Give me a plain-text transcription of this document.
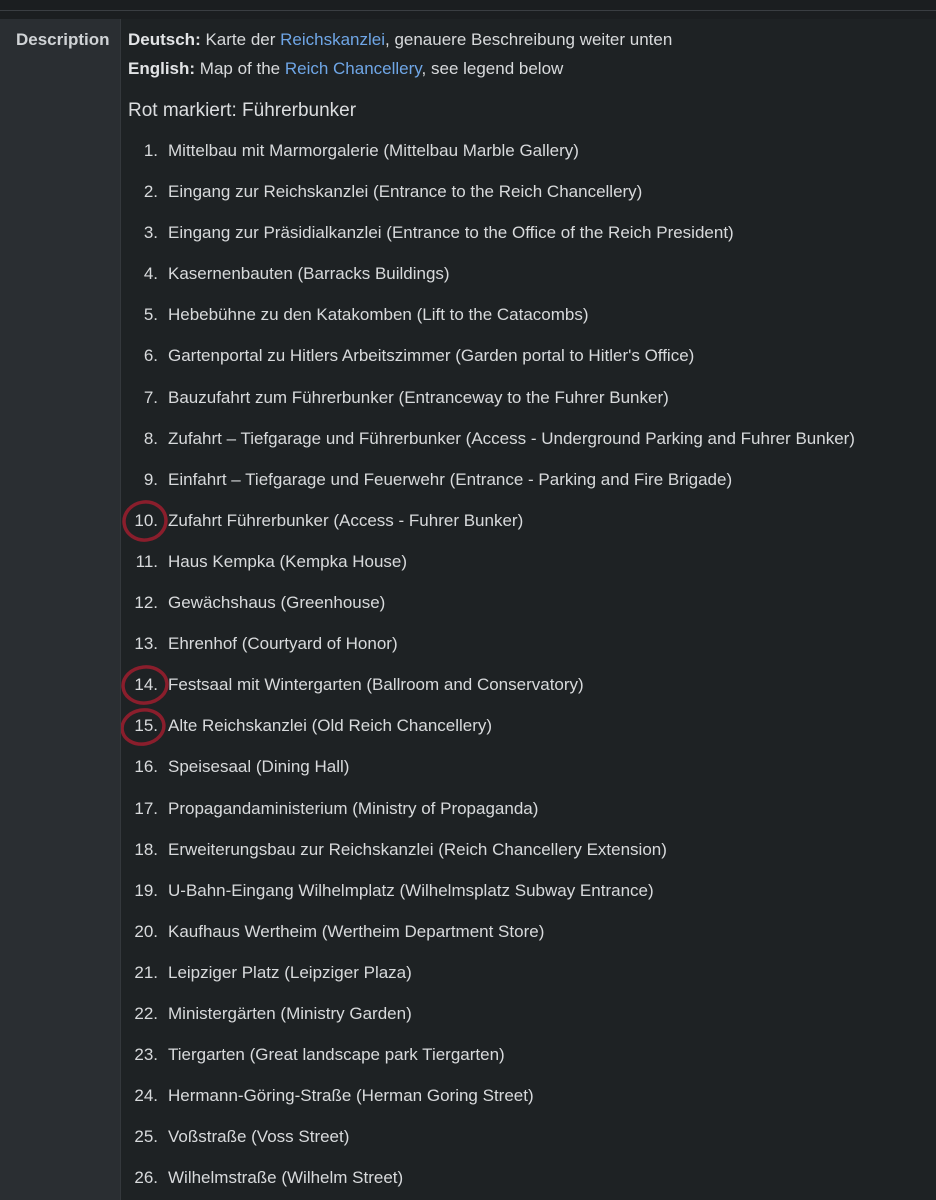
Description Deutsch: Karte der Reichskanzlei, genauere Beschreibung weiter unten
English: Map of the Reich Chancellery, see legend below
Rot markiert: Führerbunker
1. Mittelbau mit Marmorgalerie (Mittelbau Marble Gallery)
2. Eingang zur Reichskanzlei (Entrance to the Reich Chancellery)
3. Eingang zur Präsidialkanzlei (Entrance to the Office of the Reich President)
4. Kasernenbauten (Barracks Buildings)
5. Hebebühne zu den Katakomben (Lift to the Catacombs)
6. Gartenportal zu Hitlers Arbeitszimmer (Garden portal to Hitler's Office)
7. Bauzufahrt zum Führerbunker (Entranceway to the Fuhrer Bunker)
8. Zufahrt – Tiefgarage und Führerbunker (Access - Underground Parking and Fuhrer Bunker)
9. Einfahrt – Tiefgarage und Feuerwehr (Entrance - Parking and Fire Brigade)
10. Zufahrt Führerbunker (Access - Fuhrer Bunker)
11. Haus Kempka (Kempka House)
12. Gewächshaus (Greenhouse)
13. Ehrenhof (Courtyard of Honor)
14. Festsaal mit Wintergarten (Ballroom and Conservatory)
15. Alte Reichskanzlei (Old Reich Chancellery)
16. Speisesaal (Dining Hall)
17. Propagandaministerium (Ministry of Propaganda)
18. Erweiterungsbau zur Reichskanzlei (Reich Chancellery Extension)
19. U-Bahn-Eingang Wilhelmplatz (Wilhelmsplatz Subway Entrance)
20. Kaufhaus Wertheim (Wertheim Department Store)
21. Leipziger Platz (Leipziger Plaza)
22. Ministergärten (Ministry Garden)
23. Tiergarten (Great landscape park Tiergarten)
24. Hermann-Göring-Straße (Herman Goring Street)
25. Voßstraße (Voss Street)
26. Wilhelmstraße (Wilhelm Street)
